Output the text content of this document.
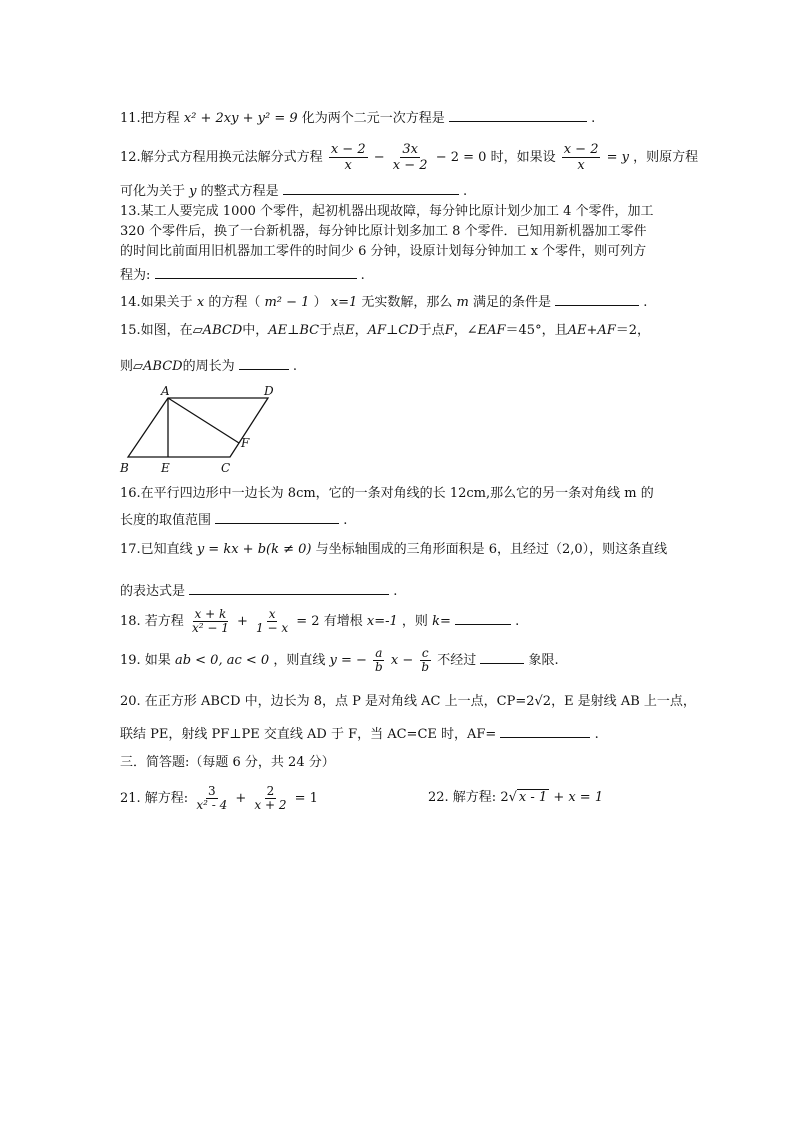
11.把方程 x² + 2xy + y² = 9 化为两个二元一次方程是	.
12.解分式方程用换元法解分式方程 $\frac{x - 2}{x} - \frac{3x}{x - 2} - 2 = 0$ 时，如果设 $\frac{x - 2}{x} = y$ ，则原方程
可化为关于 y 的整式方程是	.
13.某工人要完成 1000 个零件，起初机器出现故障，每分钟比原计划少加工 4 个零件，加工
320 个零件后，换了一台新机器，每分钟比原计划多加工 8 个零件．已知用新机器加工零件
的时间比前面用旧机器加工零件的时间少 6 分钟，设原计划每分钟加工 x 个零件，则可列方
程为:	.
14.如果关于 x 的方程（ m² − 1 ） x=1 无实数解，那么 m 满足的条件是	.
15.如图，在▱ABCD中，AE⊥BC于点E，AF⊥CD于点F，∠EAF＝45°，且AE+AF＝2，
则▱ABCD的周长为	.
A	D
B	E	C
F
16.在平行四边形中一边长为 8cm，它的一条对角线的长 12cm,那么它的另一条对角线 m 的
长度的取值范围	.
17.已知直线 y = kx + b(k ≠ 0) 与坐标轴围成的三角形面积是 6，且经过（2,0），则这条直线
的表达式是	.
18. 若方程 $\frac{x + k}{\text{x² − 1}} + \frac{x}{1 - x} = 2$ 有增根 x=-1 ，则 k=	.
19. 如果 ab < 0, ac < 0 ，则直线 y = − $\frac{a}{b}$ $x - \frac{c}{b}$ 不经过	象限.
20. 在正方形 ABCD 中，边长为 8，点 P 是对角线 AC 上一点，CP=2√2，E 是射线 AB 上一点，
联结 PE，射线 PF⊥PE 交直线 AD 于 F，当 AC=CE 时，AF=	.
三．简答题:（每题 6 分，共 24 分）
21. 解方程: $\frac{3}{\text{x² - 4}} + \frac{2}{x + 2} = 1$	22. 解方程: 2√ x - 1 + x = 1
